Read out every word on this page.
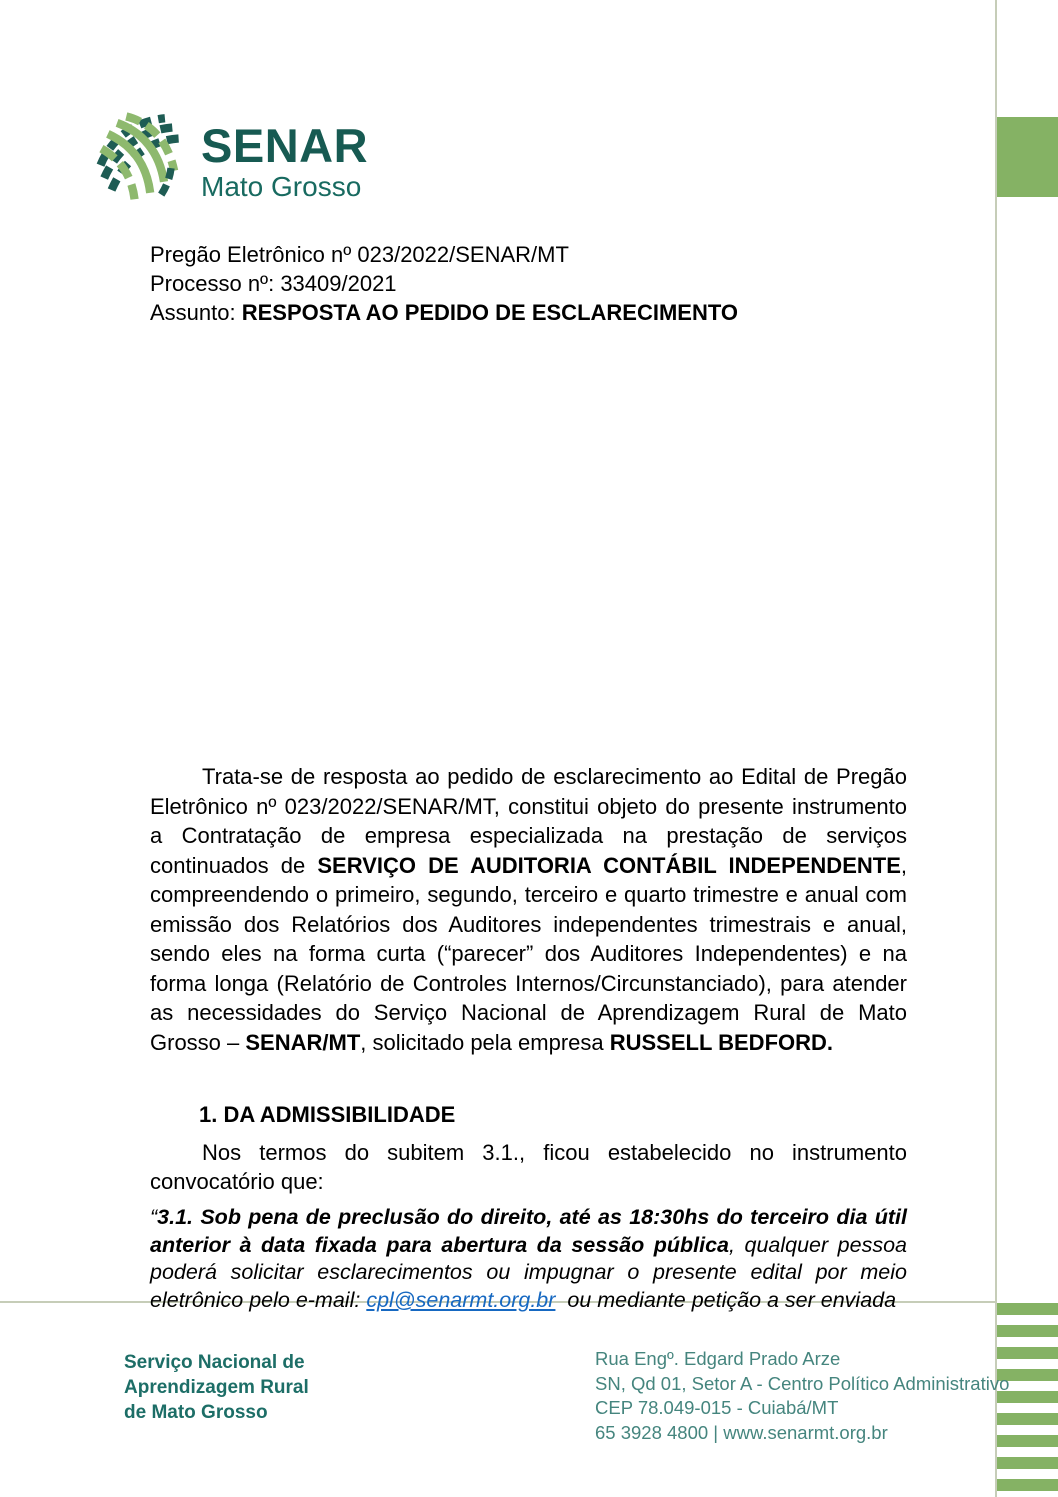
SENAR
Mato Grosso
Pregão Eletrônico nº 023/2022/SENAR/MT
Processo nº: 33409/2021
Assunto: RESPOSTA AO PEDIDO DE ESCLARECIMENTO

Trata-se de resposta ao pedido de esclarecimento ao Edital de Pregão Eletrônico nº 023/2022/SENAR/MT, constitui objeto do presente instrumento a Contratação de empresa especializada na prestação de serviços continuados de SERVIÇO DE AUDITORIA CONTÁBIL INDEPENDENTE, compreendendo o primeiro, segundo, terceiro e quarto trimestre e anual com emissão dos Relatórios dos Auditores independentes trimestrais e anual, sendo eles na forma curta (“parecer” dos Auditores Independentes) e na forma longa (Relatório de Controles Internos/Circunstanciado), para atender as necessidades do Serviço Nacional de Aprendizagem Rural de Mato Grosso – SENAR/MT, solicitado pela empresa RUSSELL BEDFORD.

1. DA ADMISSIBILIDADE

Nos termos do subitem 3.1., ficou estabelecido no instrumento convocatório que:

“3.1. Sob pena de preclusão do direito, até as 18:30hs do terceiro dia útil anterior à data fixada para abertura da sessão pública, qualquer pessoa poderá solicitar esclarecimentos ou impugnar o presente edital por meio eletrônico pelo e-mail: cpl@senarmt.org.br  ou mediante petição a ser enviada

Serviço Nacional de
Aprendizagem Rural
de Mato Grosso
Rua Engº. Edgard Prado Arze
SN, Qd 01, Setor A - Centro Político Administrativo
CEP 78.049-015 - Cuiabá/MT
65 3928 4800 | www.senarmt.org.br
